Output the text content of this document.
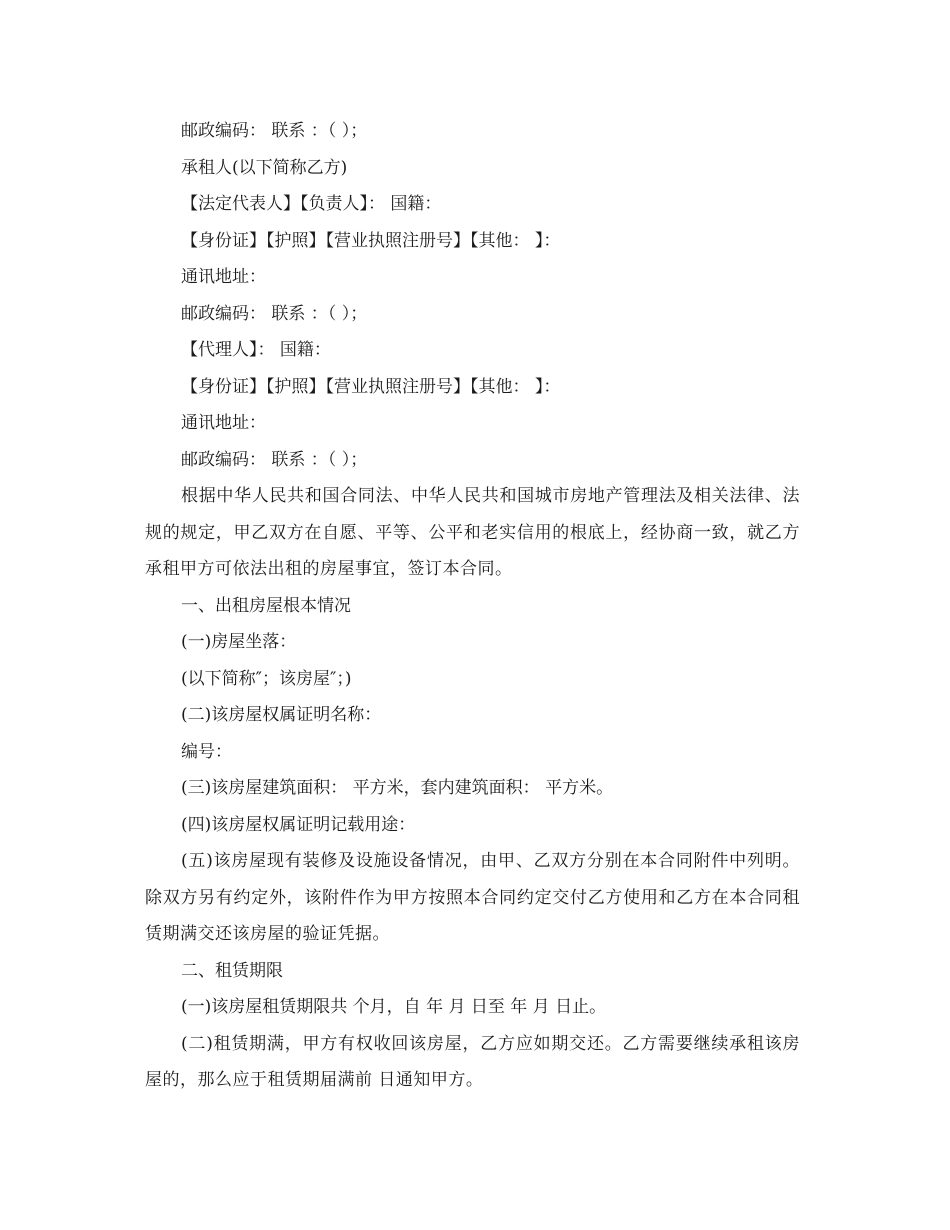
邮政编码： 联系 ：（ ）；

承租人(以下简称乙方)

【法定代表人】【负责人】： 国籍：

【身份证】【护照】【营业执照注册号】【其他： 】：

通讯地址：

邮政编码： 联系 ：（ ）；

【代理人】： 国籍：

【身份证】【护照】【营业执照注册号】【其他： 】：

通讯地址：

邮政编码： 联系 ：（ ）；

根据中华人民共和国合同法、中华人民共和国城市房地产管理法及相关法律、法规的规定，甲乙双方在自愿、平等、公平和老实信用的根底上，经协商一致，就乙方承租甲方可依法出租的房屋事宜，签订本合同。

一、出租房屋根本情况

(一)房屋坐落：

(以下简称″；该房屋″；)

(二)该房屋权属证明名称：

编号：

(三)该房屋建筑面积： 平方米，套内建筑面积： 平方米。

(四)该房屋权属证明记载用途：

(五)该房屋现有装修及设施设备情况，由甲、乙双方分别在本合同附件中列明。除双方另有约定外，该附件作为甲方按照本合同约定交付乙方使用和乙方在本合同租赁期满交还该房屋的验证凭据。

二、租赁期限

(一)该房屋租赁期限共 个月，自 年 月 日至 年 月 日止。

(二)租赁期满，甲方有权收回该房屋，乙方应如期交还。乙方需要继续承租该房屋的，那么应于租赁期届满前 日通知甲方。
